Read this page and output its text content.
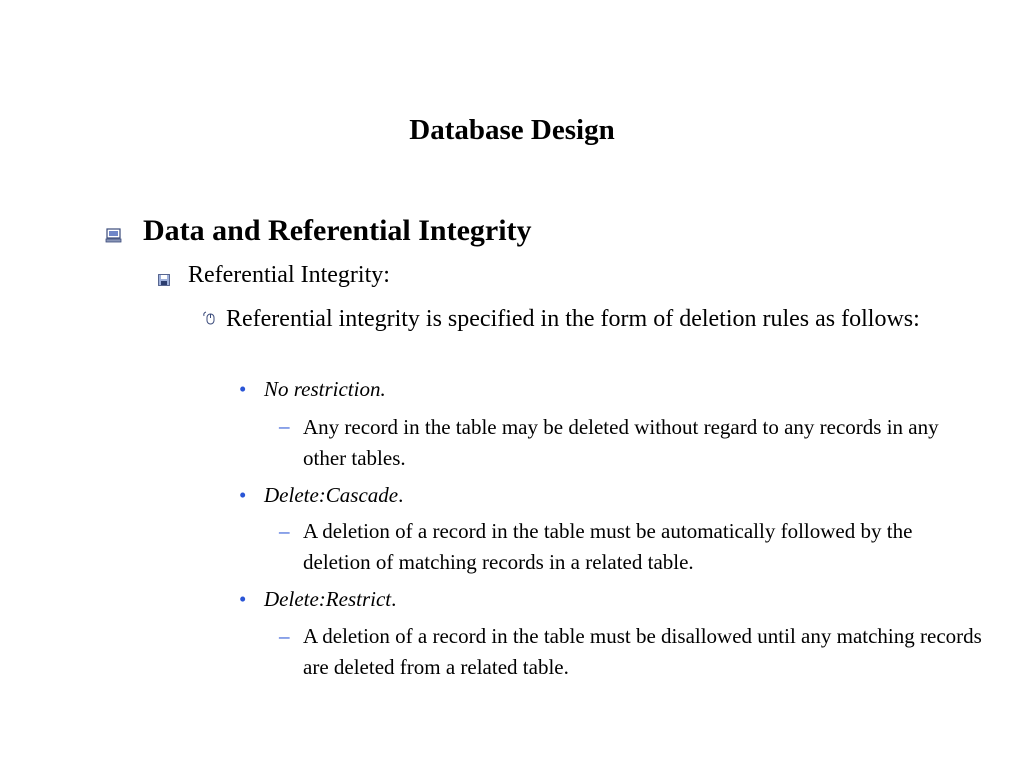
Database Design
Data and Referential Integrity
Referential Integrity:
Referential integrity is specified in the form of deletion rules as follows:
• No restriction.
– Any record in the table may be deleted without regard to any records in any other tables.
• Delete:Cascade.
– A deletion of a record in the table must be automatically followed by the deletion of matching records in a related table.
• Delete:Restrict.
– A deletion of a record in the table must be disallowed until any matching records are deleted from a related table.
